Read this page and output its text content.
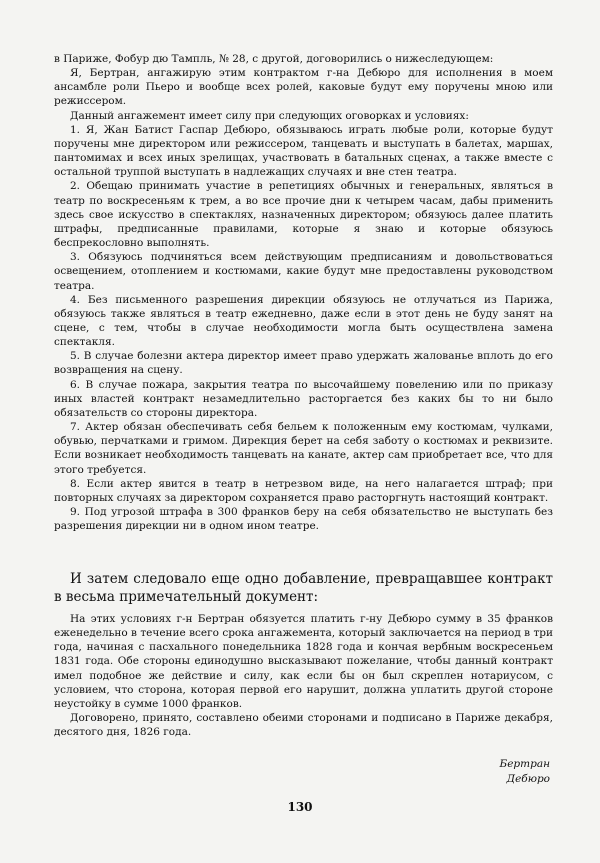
в Париже, Фобур дю Тампль, № 28, с другой, договорились о нижеследующем:

Я, Бертран, ангажирую этим контрактом г-на Дебюро для исполнения в моем ансамбле роли Пьеро и вообще всех ролей, каковые будут ему поручены мною или режиссером.

Данный ангажемент имеет силу при следующих оговорках и условиях:

1. Я, Жан Батист Гаспар Дебюро, обязываюсь играть любые роли, которые будут поручены мне директором или режиссером, танцевать и выступать в балетах, маршах, пантомимах и всех иных зрелищах, участвовать в батальных сценах, а также вместе с остальной труппой выступать в надлежащих случаях и вне стен театра.

2. Обещаю принимать участие в репетициях обычных и генеральных, являться в театр по воскресеньям к трем, а во все прочие дни к четырем часам, дабы применить здесь свое искусство в спектаклях, назначенных директором; обязуюсь далее платить штрафы, предписанные правилами, которые я знаю и которые обязуюсь беспрекословно выполнять.

3. Обязуюсь подчиняться всем действующим предписаниям и довольствоваться освещением, отоплением и костюмами, какие будут мне предоставлены руководством театра.

4. Без письменного разрешения дирекции обязуюсь не отлучаться из Парижа, обязуюсь также являться в театр ежедневно, даже если в этот день не буду занят на сцене, с тем, чтобы в случае необходимости могла быть осуществлена замена спектакля.

5. В случае болезни актера директор имеет право удержать жалованье вплоть до его возвращения на сцену.

6. В случае пожара, закрытия театра по высочайшему повелению или по приказу иных властей контракт незамедлительно расторгается без каких бы то ни было обязательств со стороны директора.

7. Актер обязан обеспечивать себя бельем к положенным ему костюмам, чулками, обувью, перчатками и гримом. Дирекция берет на себя заботу о костюмах и реквизите. Если возникает необходимость танцевать на канате, актер сам приобретает все, что для этого требуется.

8. Если актер явится в театр в нетрезвом виде, на него налагается штраф; при повторных случаях за директором сохраняется право расторгнуть настоящий контракт.

9. Под угрозой штрафа в 300 франков беру на себя обязательство не выступать без разрешения дирекции ни в одном ином театре.

И затем следовало еще одно добавление, превращавшее контракт в весьма примечательный документ:

На этих условиях г-н Бертран обязуется платить г-ну Дебюро сумму в 35 франков еженедельно в течение всего срока ангажемента, который заключается на период в три года, начиная с пасхального понедельника 1828 года и кончая вербным воскресеньем 1831 года. Обе стороны единодушно высказывают пожелание, чтобы данный контракт имел подобное же действие и силу, как если бы он был скреплен нотариусом, с условием, что сторона, которая первой его нарушит, должна уплатить другой стороне неустойку в сумме 1000 франков.

Договорено, принято, составлено обеими сторонами и подписано в Париже декабря, десятого дня, 1826 года.

Бертран
Дебюро
130
